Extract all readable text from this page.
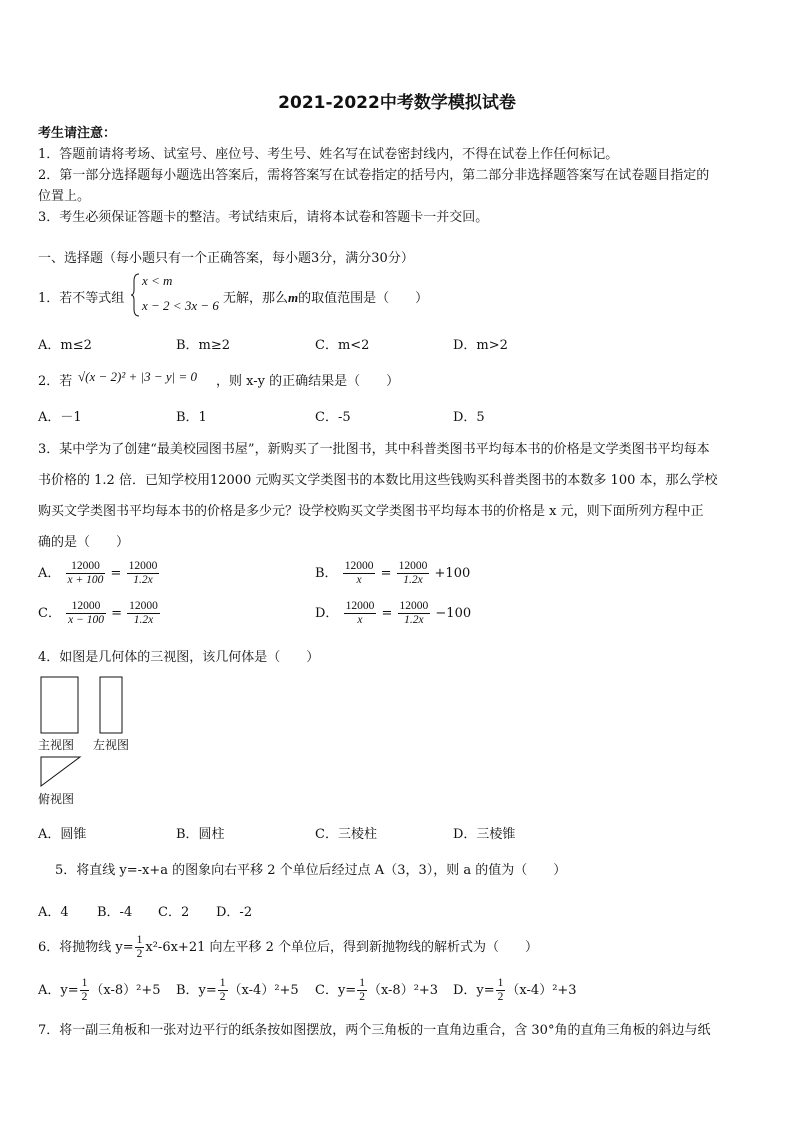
2021-2022中考数学模拟试卷
考生请注意：
1．答题前请将考场、试室号、座位号、考生号、姓名写在试卷密封线内，不得在试卷上作任何标记。
2．第一部分选择题每小题选出答案后，需将答案写在试卷指定的括号内，第二部分非选择题答案写在试卷题目指定的
位置上。
3．考生必须保证答题卡的整洁。考试结束后，请将本试卷和答题卡一并交回。
一、选择题（每小题只有一个正确答案，每小题3分，满分30分）
1．若不等式组
x < m
x − 2 < 3x − 6 无解，那么m的取值范围是（　　）
A．m≤2	B．m≥2	C．m<2	D．m>2
2．若 √(x − 2)² + |3 − y| = 0 ，则 x-y 的正确结果是（　　）
A．－1	B．1	C．-5	D．5
3．某中学为了创建“最美校园图书屋”，新购买了一批图书，其中科普类图书平均每本书的价格是文学类图书平均每本
书价格的 1.2 倍．已知学校用12000 元购买文学类图书的本数比用这些钱购买科普类图书的本数多 100 本，那么学校
购买文学类图书平均每本书的价格是多少元？设学校购买文学类图书平均每本书的价格是 x 元，则下面所列方程中正
确的是（　　）
A． $\frac{12000}{x + 100} = \frac{12000}{1.2x}$	B． $\frac{12000}{x} = \frac{12000}{1.2x} +100$
C． $\frac{12000}{x - 100} = \frac{12000}{1.2x}$	D． $\frac{12000}{x} = \frac{12000}{1.2x} -100$
4．如图是几何体的三视图，该几何体是（　　）
主视图 左视图
俯视图
A．圆锥	B．圆柱	C．三棱柱	D．三棱锥
5．将直线 y=-x+a 的图象向右平移 2 个单位后经过点 A（3，3），则 a 的值为（　　）
A．4 B．-4 C．2 D．-2
6．将抛物线 $y= \frac{1}{2} x^2-6x+21$ 向左平移 2 个单位后，得到新抛物线的解析式为（　　）
A．$y= \frac{1}{2} (x-8)^2+5$ B．$y= \frac{1}{2} (x-4)^2+5$ C．$y= \frac{1}{2} (x-8)^2+3$ D．$y= \frac{1}{2} (x-4)^2+3$
7．将一副三角板和一张对边平行的纸条按如图摆放，两个三角板的一直角边重合，含 30°角的直角三角板的斜边与纸
